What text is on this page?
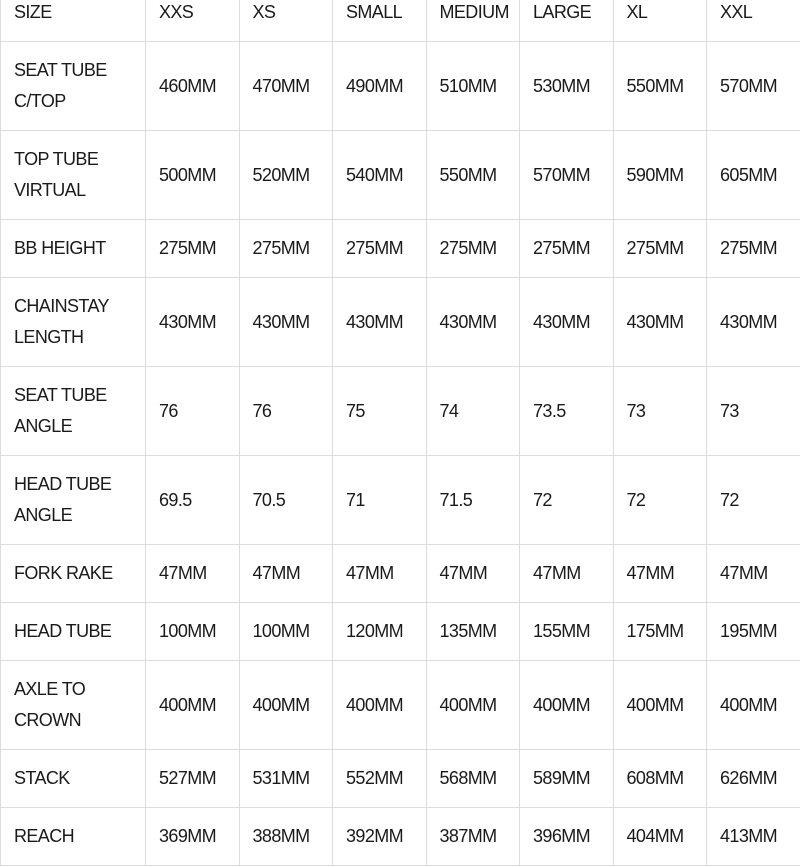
SIZE	XXS	XS	SMALL	MEDIUM	LARGE	XL	XXL
SEAT TUBE C/TOP	460MM	470MM	490MM	510MM	530MM	550MM	570MM
TOP TUBE VIRTUAL	500MM	520MM	540MM	550MM	570MM	590MM	605MM
BB HEIGHT	275MM	275MM	275MM	275MM	275MM	275MM	275MM
CHAINSTAY LENGTH	430MM	430MM	430MM	430MM	430MM	430MM	430MM
SEAT TUBE ANGLE	76	76	75	74	73.5	73	73
HEAD TUBE ANGLE	69.5	70.5	71	71.5	72	72	72
FORK RAKE	47MM	47MM	47MM	47MM	47MM	47MM	47MM
HEAD TUBE	100MM	100MM	120MM	135MM	155MM	175MM	195MM
AXLE TO CROWN	400MM	400MM	400MM	400MM	400MM	400MM	400MM
STACK	527MM	531MM	552MM	568MM	589MM	608MM	626MM
REACH	369MM	388MM	392MM	387MM	396MM	404MM	413MM
